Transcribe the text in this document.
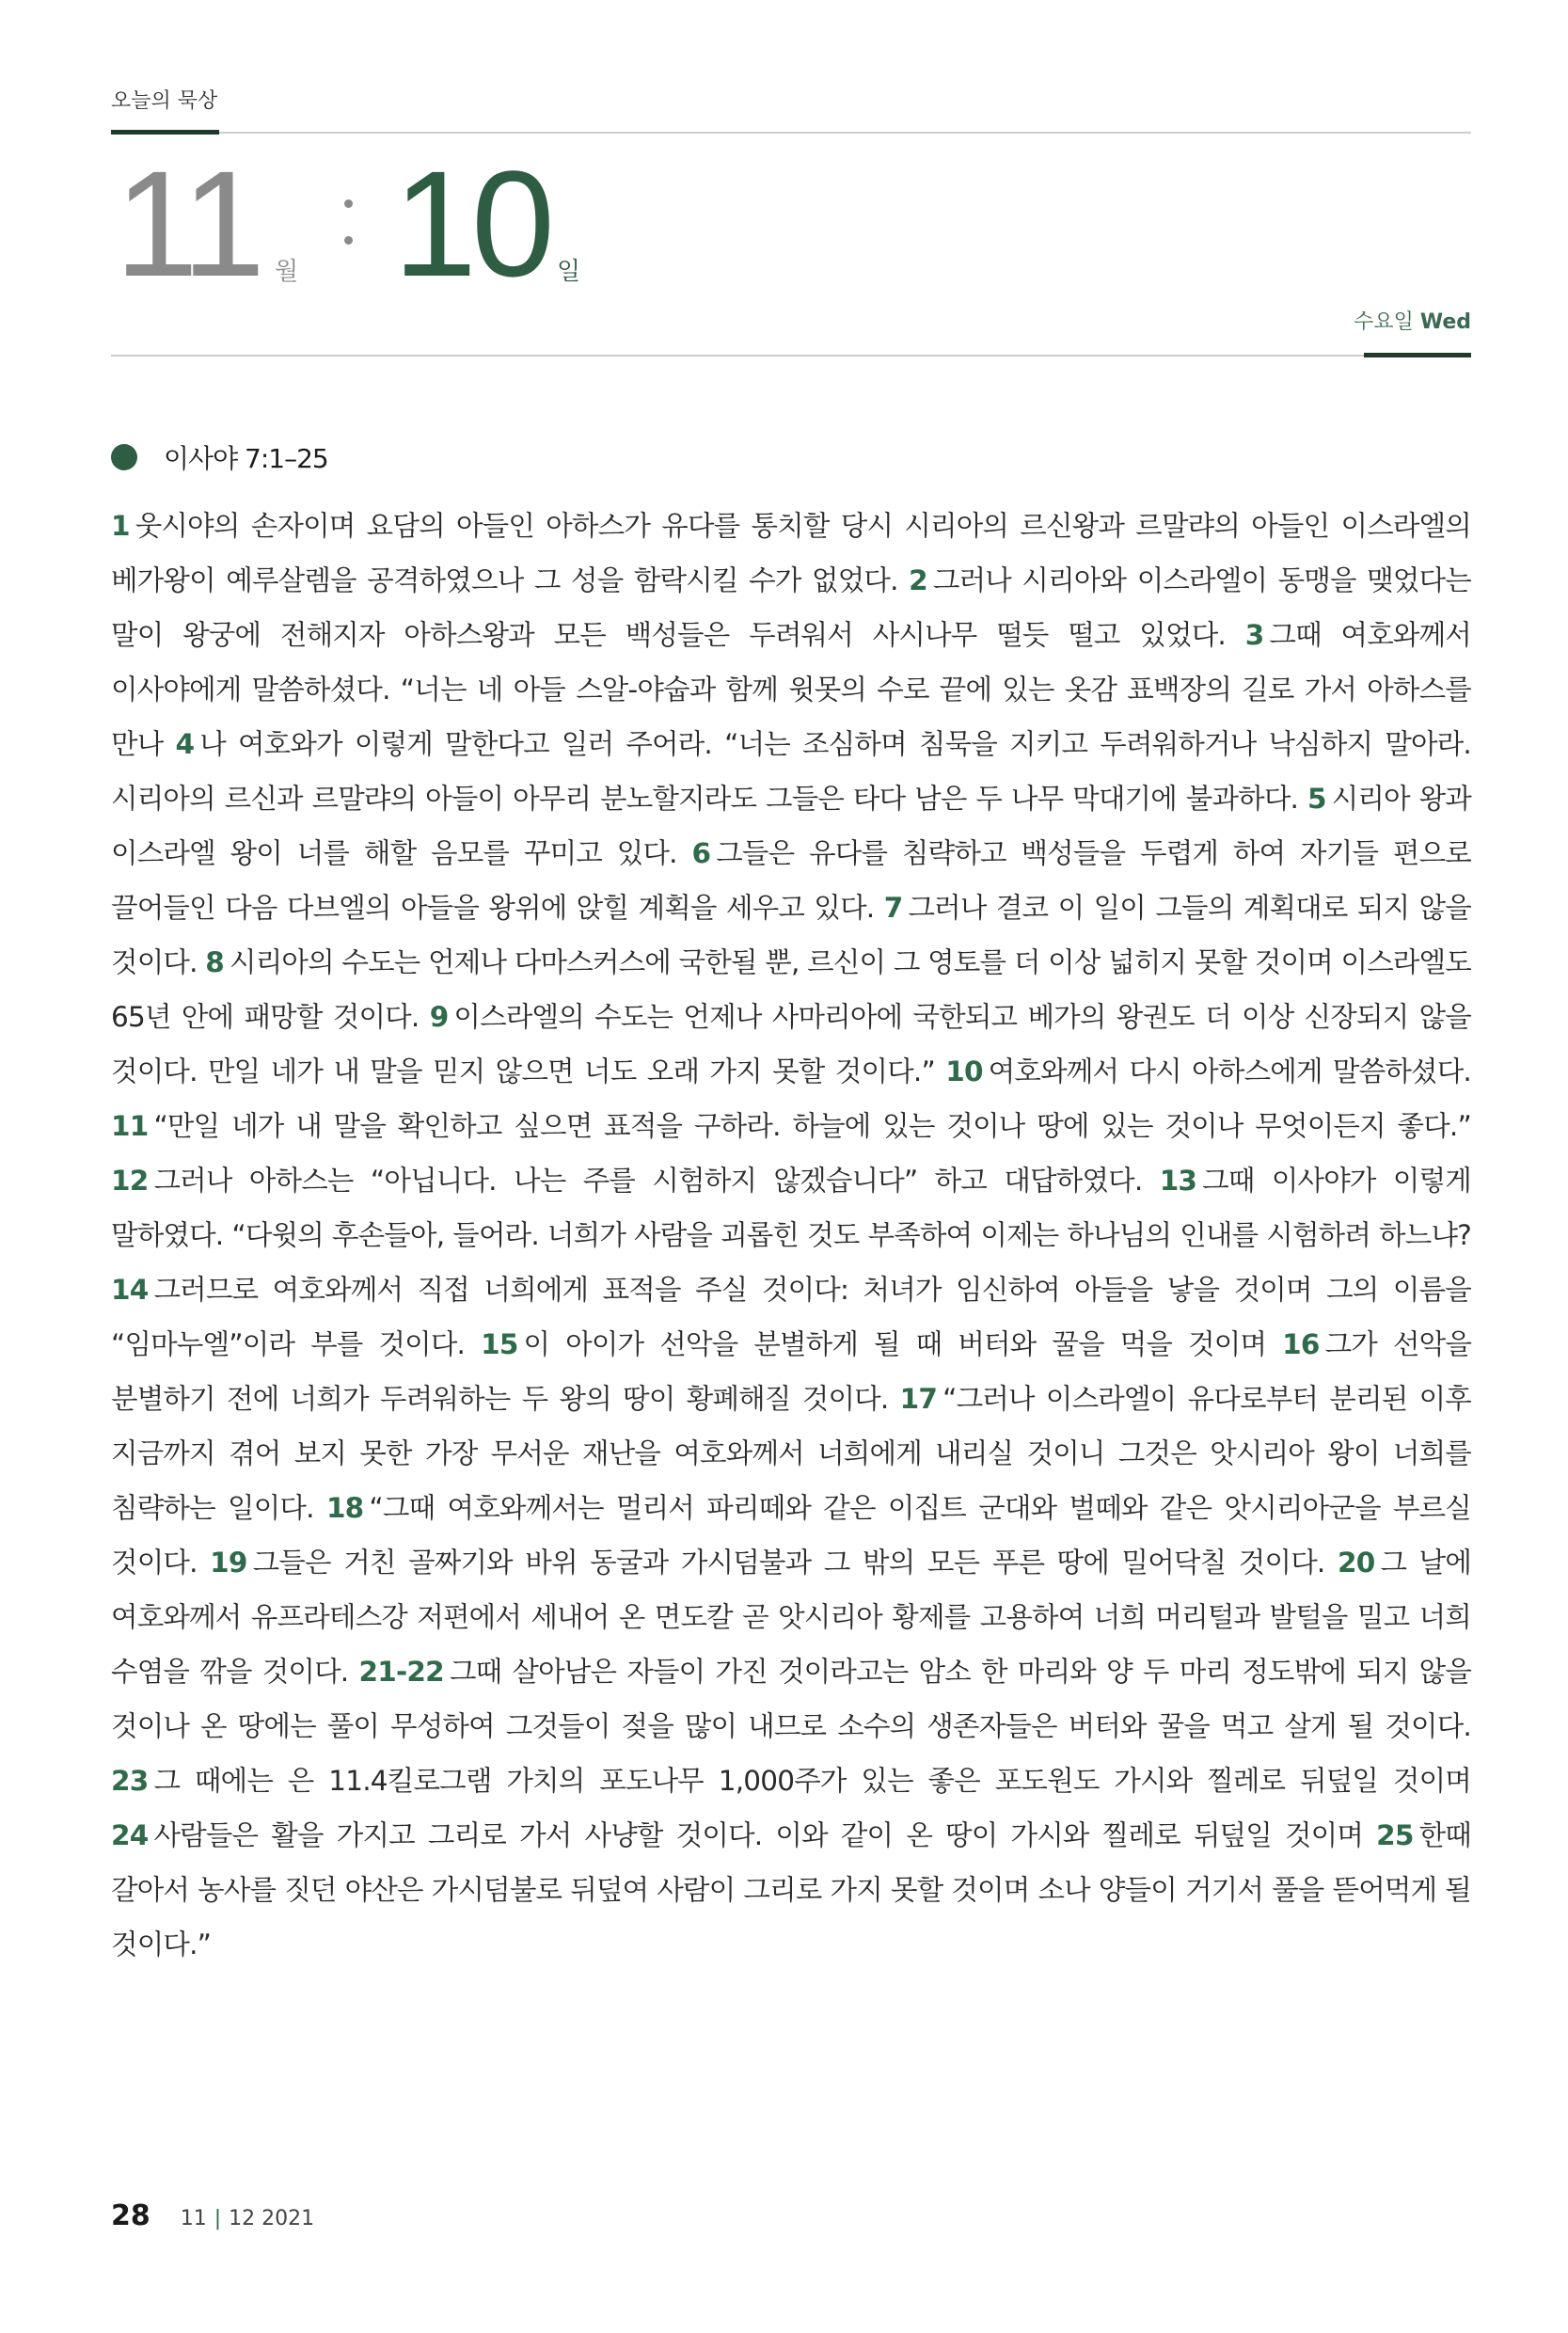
오늘의 묵상
11 월 10 일
수요일 Wed
이사야 7:1–25
1 웃시야의 손자이며 요담의 아들인 아하스가 유다를 통치할 당시 시리아의 르신왕과 르말랴의 아들인 이스라엘의 베가왕이 예루살렘을 공격하였으나 그 성을 함락시킬 수가 없었다. 2 그러나 시리아와 이스라엘이 동맹을 맺었다는 말이 왕궁에 전해지자 아하스왕과 모든 백성들은 두려워서 사시나무 떨듯 떨고 있었다. 3 그때 여호와께서 이사야에게 말씀하셨다. “너는 네 아들 스알-야숩과 함께 윗못의 수로 끝에 있는 옷감 표백장의 길로 가서 아하스를 만나 4 나 여호와가 이렇게 말한다고 일러 주어라. “너는 조심하며 침묵을 지키고 두려워하거나 낙심하지 말아라. 시리아의 르신과 르말랴의 아들이 아무리 분노할지라도 그들은 타다 남은 두 나무 막대기에 불과하다. 5 시리아 왕과 이스라엘 왕이 너를 해할 음모를 꾸미고 있다. 6 그들은 유다를 침략하고 백성들을 두렵게 하여 자기들 편으로 끌어들인 다음 다브엘의 아들을 왕위에 앉힐 계획을 세우고 있다. 7 그러나 결코 이 일이 그들의 계획대로 되지 않을 것이다. 8 시리아의 수도는 언제나 다마스커스에 국한될 뿐, 르신이 그 영토를 더 이상 넓히지 못할 것이며 이스라엘도 65년 안에 패망할 것이다. 9 이스라엘의 수도는 언제나 사마리아에 국한되고 베가의 왕권도 더 이상 신장되지 않을 것이다. 만일 네가 내 말을 믿지 않으면 너도 오래 가지 못할 것이다.” 10 여호와께서 다시 아하스에게 말씀하셨다. 11 “만일 네가 내 말을 확인하고 싶으면 표적을 구하라. 하늘에 있는 것이나 땅에 있는 것이나 무엇이든지 좋다.” 12 그러나 아하스는 “아닙니다. 나는 주를 시험하지 않겠습니다” 하고 대답하였다. 13 그때 이사야가 이렇게 말하였다. “다윗의 후손들아, 들어라. 너희가 사람을 괴롭힌 것도 부족하여 이제는 하나님의 인내를 시험하려 하느냐? 14 그러므로 여호와께서 직접 너희에게 표적을 주실 것이다: 처녀가 임신하여 아들을 낳을 것이며 그의 이름을 “임마누엘”이라 부를 것이다. 15 이 아이가 선악을 분별하게 될 때 버터와 꿀을 먹을 것이며 16 그가 선악을 분별하기 전에 너희가 두려워하는 두 왕의 땅이 황폐해질 것이다. 17 “그러나 이스라엘이 유다로부터 분리된 이후 지금까지 겪어 보지 못한 가장 무서운 재난을 여호와께서 너희에게 내리실 것이니 그것은 앗시리아 왕이 너희를 침략하는 일이다. 18 “그때 여호와께서는 멀리서 파리떼와 같은 이집트 군대와 벌떼와 같은 앗시리아군을 부르실 것이다. 19 그들은 거친 골짜기와 바위 동굴과 가시덤불과 그 밖의 모든 푸른 땅에 밀어닥칠 것이다. 20 그 날에 여호와께서 유프라테스강 저편에서 세내어 온 면도칼 곧 앗시리아 황제를 고용하여 너희 머리털과 발털을 밀고 너희 수염을 깎을 것이다. 21-22 그때 살아남은 자들이 가진 것이라고는 암소 한 마리와 양 두 마리 정도밖에 되지 않을 것이나 온 땅에는 풀이 무성하여 그것들이 젖을 많이 내므로 소수의 생존자들은 버터와 꿀을 먹고 살게 될 것이다. 23 그 때에는 은 11.4킬로그램 가치의 포도나무 1,000주가 있는 좋은 포도원도 가시와 찔레로 뒤덮일 것이며 24 사람들은 활을 가지고 그리로 가서 사냥할 것이다. 이와 같이 온 땅이 가시와 찔레로 뒤덮일 것이며 25 한때 갈아서 농사를 짓던 야산은 가시덤불로 뒤덮여 사람이 그리로 가지 못할 것이며 소나 양들이 거기서 풀을 뜯어먹게 될 것이다.”
28 11 | 12 2021
